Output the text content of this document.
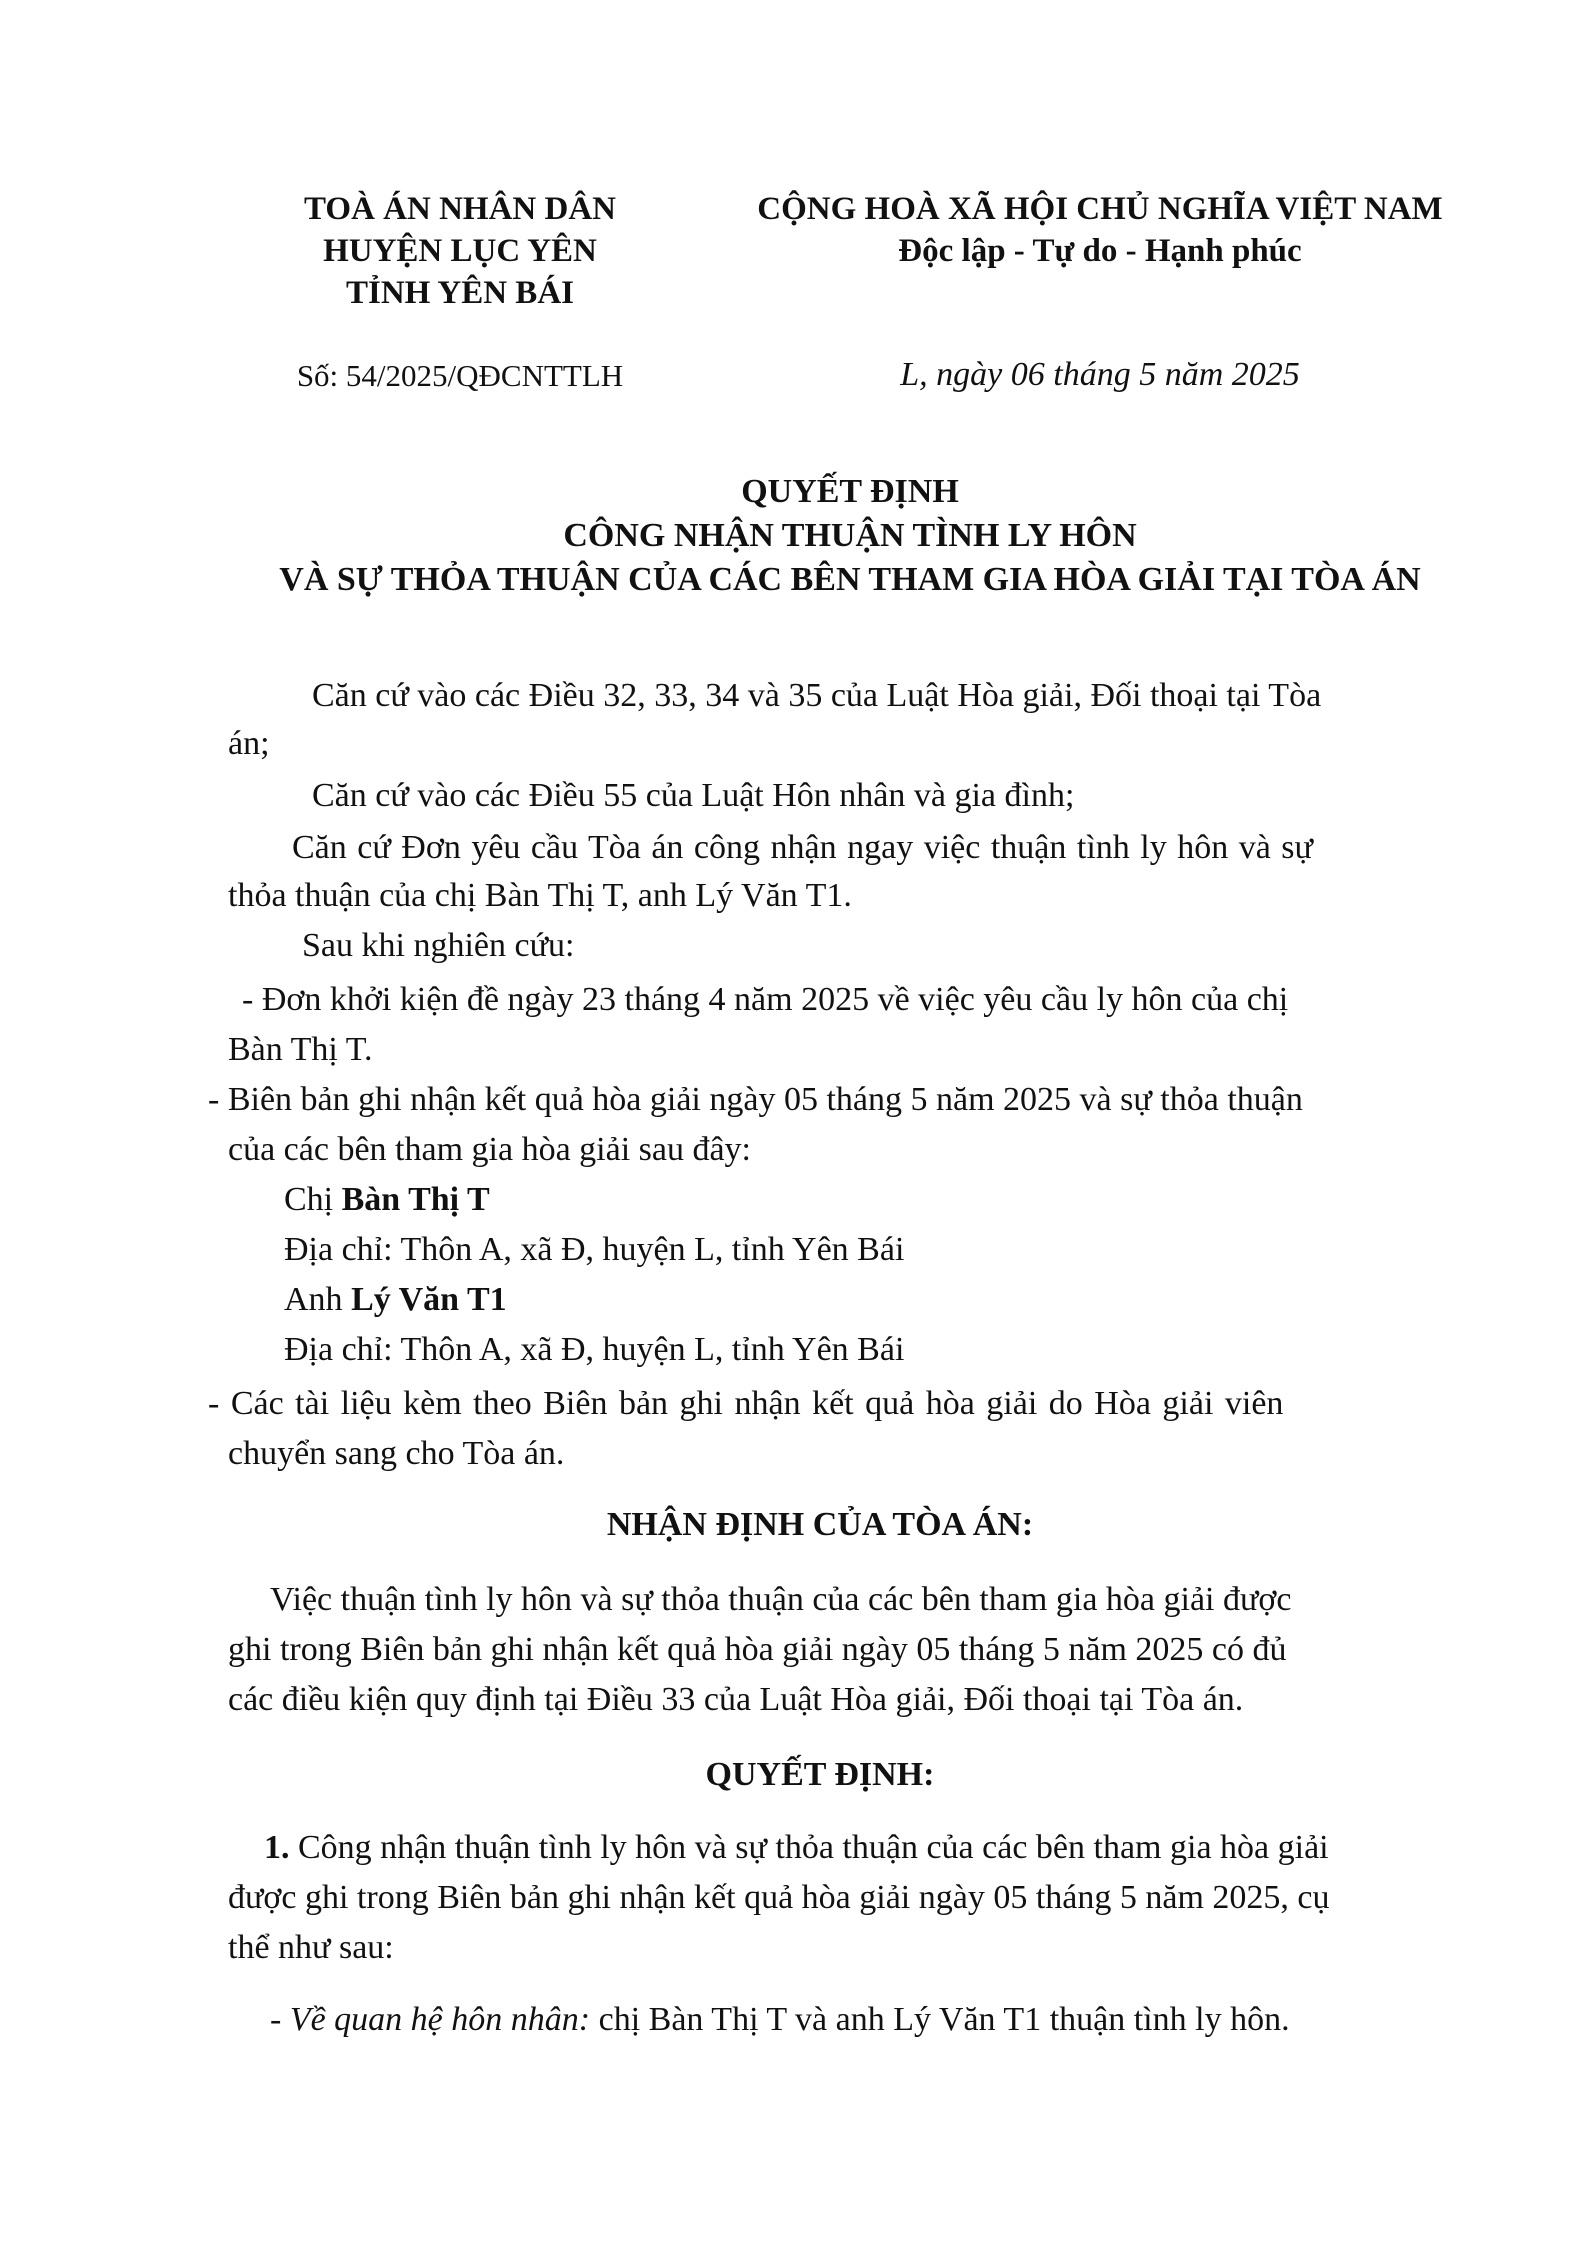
TOÀ ÁN NHÂN DÂN
HUYỆN LỤC YÊN
TỈNH YÊN BÁI
CỘNG HOÀ XÃ HỘI CHỦ NGHĨA VIỆT NAM
Độc lập - Tự do - Hạnh phúc
Số: 54/2025/QĐCNTTLH	L, ngày 06 tháng 5 năm 2025
QUYẾT ĐỊNH
CÔNG NHẬN THUẬN TÌNH LY HÔN
VÀ SỰ THỎA THUẬN CỦA CÁC BÊN THAM GIA HÒA GIẢI TẠI TÒA ÁN
Căn cứ vào các Điều 32, 33, 34 và 35 của Luật Hòa giải, Đối thoại tại Tòa
án;
Căn cứ vào các Điều 55 của Luật Hôn nhân và gia đình;
Căn cứ Đơn yêu cầu Tòa án công nhận ngay việc thuận tình ly hôn và sự
thỏa thuận của chị Bàn Thị T, anh Lý Văn T1.
Sau khi nghiên cứu:
- Đơn khởi kiện đề ngày 23 tháng 4 năm 2025 về việc yêu cầu ly hôn của chị
Bàn Thị T.
- Biên bản ghi nhận kết quả hòa giải ngày 05 tháng 5 năm 2025 và sự thỏa thuận
của các bên tham gia hòa giải sau đây:
Chị Bàn Thị T
Địa chỉ: Thôn A, xã Đ, huyện L, tỉnh Yên Bái
Anh Lý Văn T1
Địa chỉ: Thôn A, xã Đ, huyện L, tỉnh Yên Bái
- Các tài liệu kèm theo Biên bản ghi nhận kết quả hòa giải do Hòa giải viên
chuyển sang cho Tòa án.
NHẬN ĐỊNH CỦA TÒA ÁN:
Việc thuận tình ly hôn và sự thỏa thuận của các bên tham gia hòa giải được
ghi trong Biên bản ghi nhận kết quả hòa giải ngày 05 tháng 5 năm 2025 có đủ
các điều kiện quy định tại Điều 33 của Luật Hòa giải, Đối thoại tại Tòa án.
QUYẾT ĐỊNH:
1. Công nhận thuận tình ly hôn và sự thỏa thuận của các bên tham gia hòa giải
được ghi trong Biên bản ghi nhận kết quả hòa giải ngày 05 tháng 5 năm 2025, cụ
thể như sau:
- Về quan hệ hôn nhân: chị Bàn Thị T và anh Lý Văn T1 thuận tình ly hôn.
